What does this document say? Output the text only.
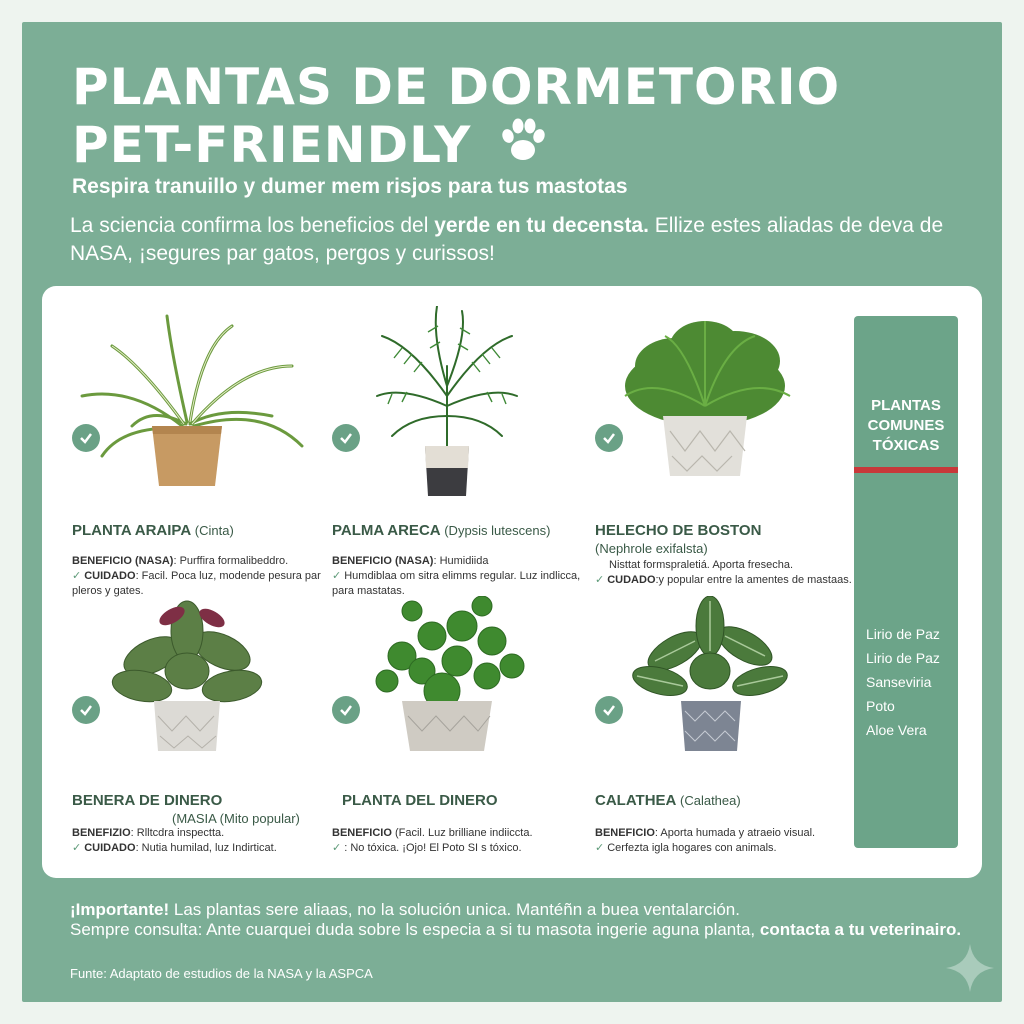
PLANTAS DE DORMETORIO
PET-FRIENDLY
Respira tranuillo y dumer mem risjos para tus mastotas
La sciencia confirma los beneficios del yerde en tu decensta. Ellize estes aliadas de deva de NASA, ¡segures par gatos, pergos y curissos!
PLANTA ARAIPA (Cinta)
BENEFICIO (NASA): Purffira formalibeddro.
✓ CUIDADO: Facil. Poca luz, modende pesura par pleros y gates.
PALMA ARECA (Dypsis lutescens)
BENEFICIO (NASA): Humidiida
✓ Humdiblaa om sitra elimms regular. Luz indlicca, para mastatas.
HELECHO DE BOSTON
(Nephrole exifalsta)
Nisttat formspraletiá. Aporta fresecha.
✓ CUDADO:y popular entre la amentes de mastaas.
BENERA DE DINERO
(MASIA (Mito popular)
BENEFIZIO: Rlltcdra inspectta.
✓ CUIDADO: Nutia humilad, luz Indirticat.
PLANTA DEL DINERO
BENEFICIO (Facil. Luz brilliane indiiccta.
✓ : No tóxica. ¡Ojo! El Poto SI s tóxico.
CALATHEA (Calathea)
BENEFICIO: Aporta humada y atraeio visual.
✓ Cerfezta igla hogares con animals.
PLANTAS COMUNES TÓXICAS
Lirio de Paz
Lirio de Paz
Sanseviria
Poto
Aloe Vera
¡Importante! Las plantas sere aliaas, no la solución unica. Mantéñn a buea ventalarción.
Sempre consulta: Ante cuarquei duda sobre ls especia a si tu masota ingerie aguna planta, contacta a tu veterinairo.
Funte: Adaptato de estudios de la NASA y la ASPCA
